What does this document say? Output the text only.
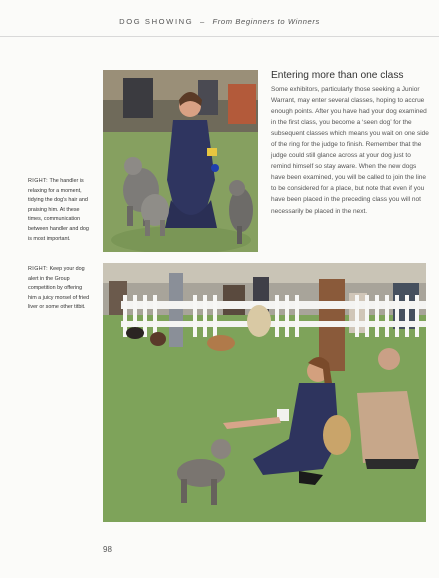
DOG SHOWING – From Beginners to Winners
Entering more than one class
Some exhibitors, particularly those seeking a Junior Warrant, may enter several classes, hoping to accrue enough points. After you have had your dog examined in the first class, you become a ‘seen dog’ for the subsequent classes which means you wait on one side of the ring for the judge to finish. Remember that the judge could still glance across at your dog just to remind himself so stay aware. When the new dogs have been examined, you will be called to join the line to be considered for a place, but note that even if you have been placed in the preceding class you will not necessarily be placed in the next.
RIGHT: The handler is relaxing for a moment, tidying the dog’s hair and praising him. At these times, communication between handler and dog is most important.
RIGHT: Keep your dog alert in the Group competition by offering him a juicy morsel of fried liver or some other titbit.
98
